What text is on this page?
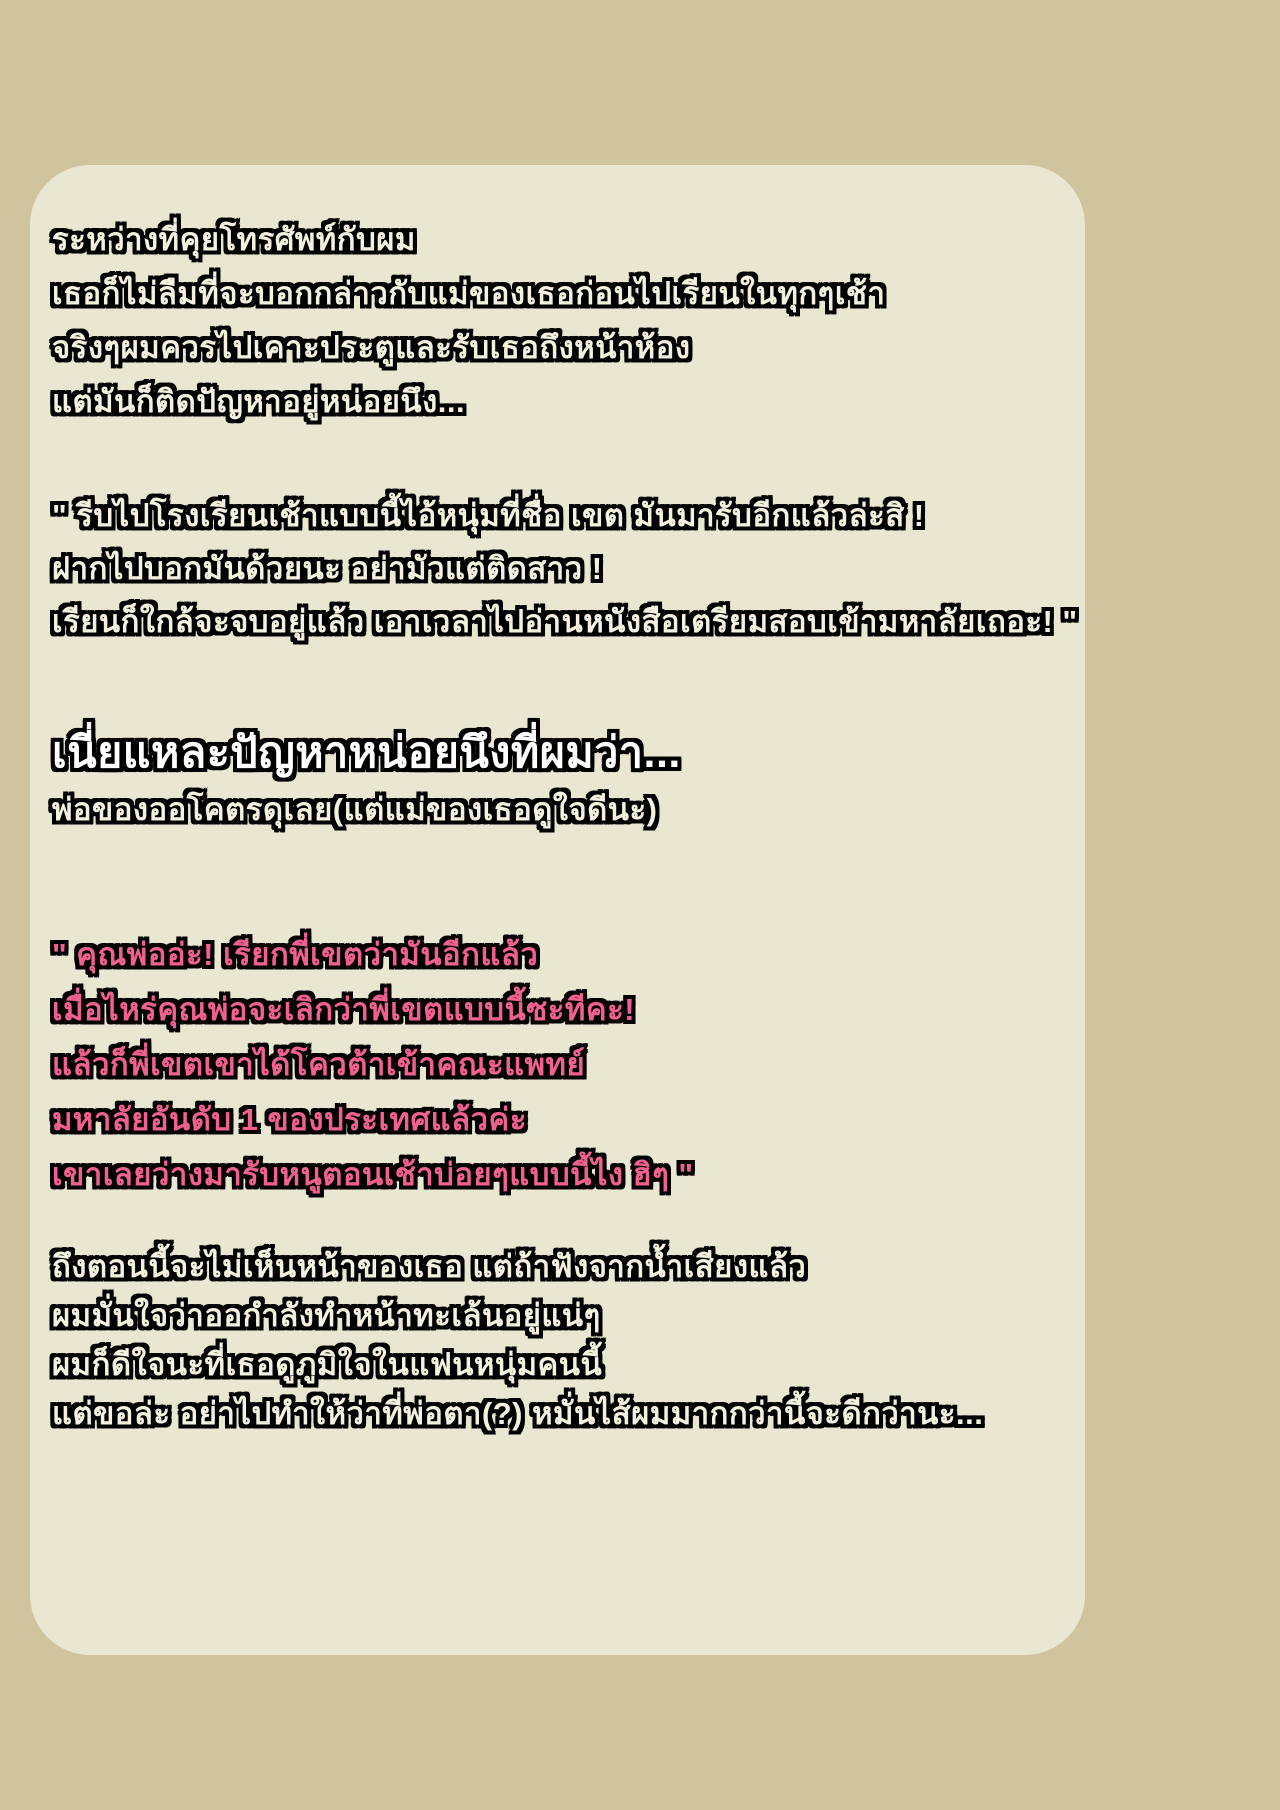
ระหว่างที่คุยโทรศัพท์กับผม
เธอก็ไม่ลืมที่จะบอกกล่าวกับแม่ของเธอก่อนไปเรียนในทุกๆเช้า
จริงๆผมควรไปเคาะประตูและรับเธอถึงหน้าห้อง
แต่มันก็ติดปัญหาอยู่หน่อยนึง...
" รีบไปโรงเรียนเช้าแบบนี้ไอ้หนุ่มที่ชื่อ เขต มันมารับอีกแล้วล่ะสิ !
ฝากไปบอกมันด้วยนะ อย่ามัวแต่ติดสาว !
เรียนก็ใกล้จะจบอยู่แล้ว เอาเวลาไปอ่านหนังสือเตรียมสอบเข้ามหาลัยเถอะ! "
เนี่ยแหละปัญหาหน่อยนึงที่ผมว่า...
พ่อของออโคตรดุเลย(แต่แม่ของเธอดูใจดีนะ)
" คุณพ่ออ่ะ! เรียกพี่เขตว่ามันอีกแล้ว
เมื่อไหร่คุณพ่อจะเลิกว่าพี่เขตแบบนี้ซะทีคะ!
แล้วก็พี่เขตเขาได้โควต้าเข้าคณะแพทย์
มหาลัยอันดับ 1 ของประเทศแล้วค่ะ
เขาเลยว่างมารับหนูตอนเช้าบ่อยๆแบบนี้ไง ฮิๆ "
ถึงตอนนี้จะไม่เห็นหน้าของเธอ แต่ถ้าฟังจากน้ำเสียงแล้ว
ผมมั่นใจว่าออกำลังทำหน้าทะเล้นอยู่แน่ๆ
ผมก็ดีใจนะที่เธอดูภูมิใจในแฟนหนุ่มคนนี้
แต่ขอล่ะ อย่าไปทำให้ว่าที่พ่อตา(?) หมั่นไส้ผมมากกว่านี้จะดีกว่านะ...
